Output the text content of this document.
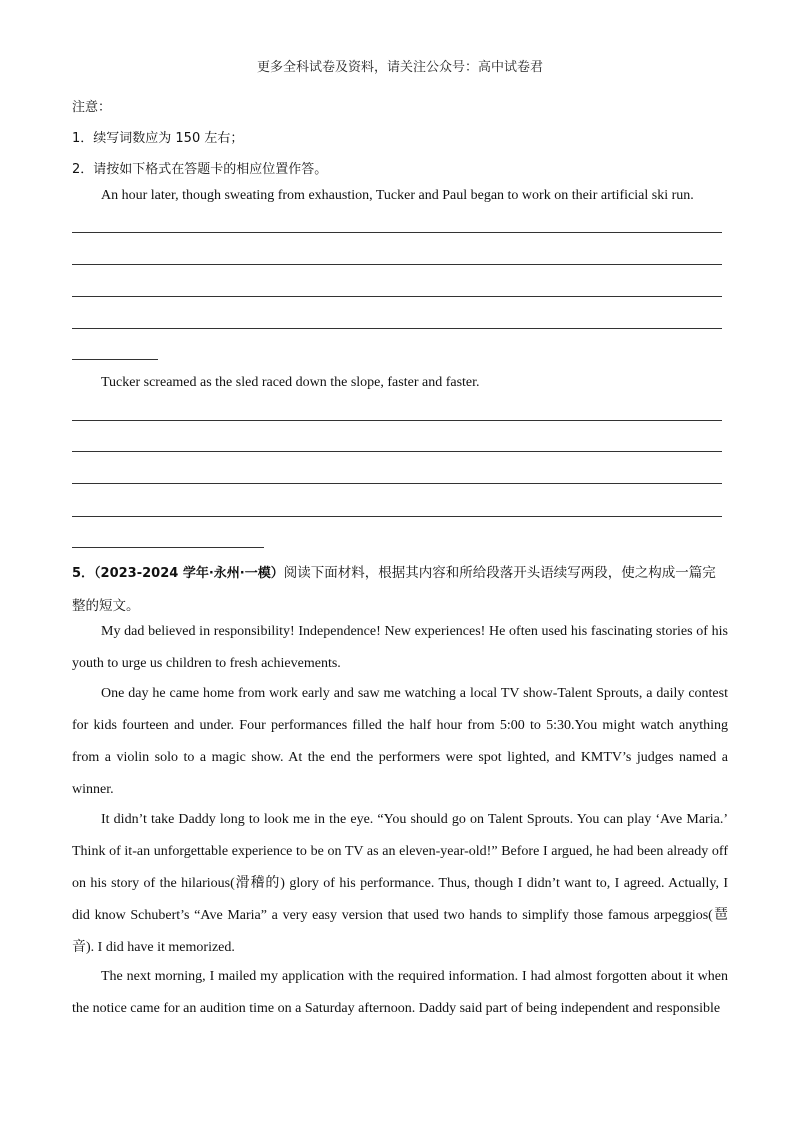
更多全科试卷及资料，请关注公众号：高中试卷君
注意：
1．续写词数应为 150 左右；
2．请按如下格式在答题卡的相应位置作答。
An hour later, though sweating from exhaustion, Tucker and Paul began to work on their artificial ski run.
Tucker screamed as the sled raced down the slope, faster and faster.

5．（2023-2024 学年·永州·一模）阅读下面材料，根据其内容和所给段落开头语续写两段，使之构成一篇完整的短文。

My dad believed in responsibility! Independence! New experiences! He often used his fascinating stories of his youth to urge us children to fresh achievements.

One day he came home from work early and saw me watching a local TV show-Talent Sprouts, a daily contest for kids fourteen and under. Four performances filled the half hour from 5:00 to 5:30.You might watch anything from a violin solo to a magic show. At the end the performers were spot lighted, and KMTV’s judges named a winner.

It didn’t take Daddy long to look me in the eye. “You should go on Talent Sprouts. You can play ‘Ave Maria.’ Think of it-an unforgettable experience to be on TV as an eleven-year-old!” Before I argued, he had been already off on his story of the hilarious(滑稽的) glory of his performance. Thus, though I didn’t want to, I agreed. Actually, I did know Schubert’s “Ave Maria” a very easy version that used two hands to simplify those famous arpeggios(琶音). I did have it memorized.

The next morning, I mailed my application with the required information. I had almost forgotten about it when the notice came for an audition time on a Saturday afternoon. Daddy said part of being independent and responsible
